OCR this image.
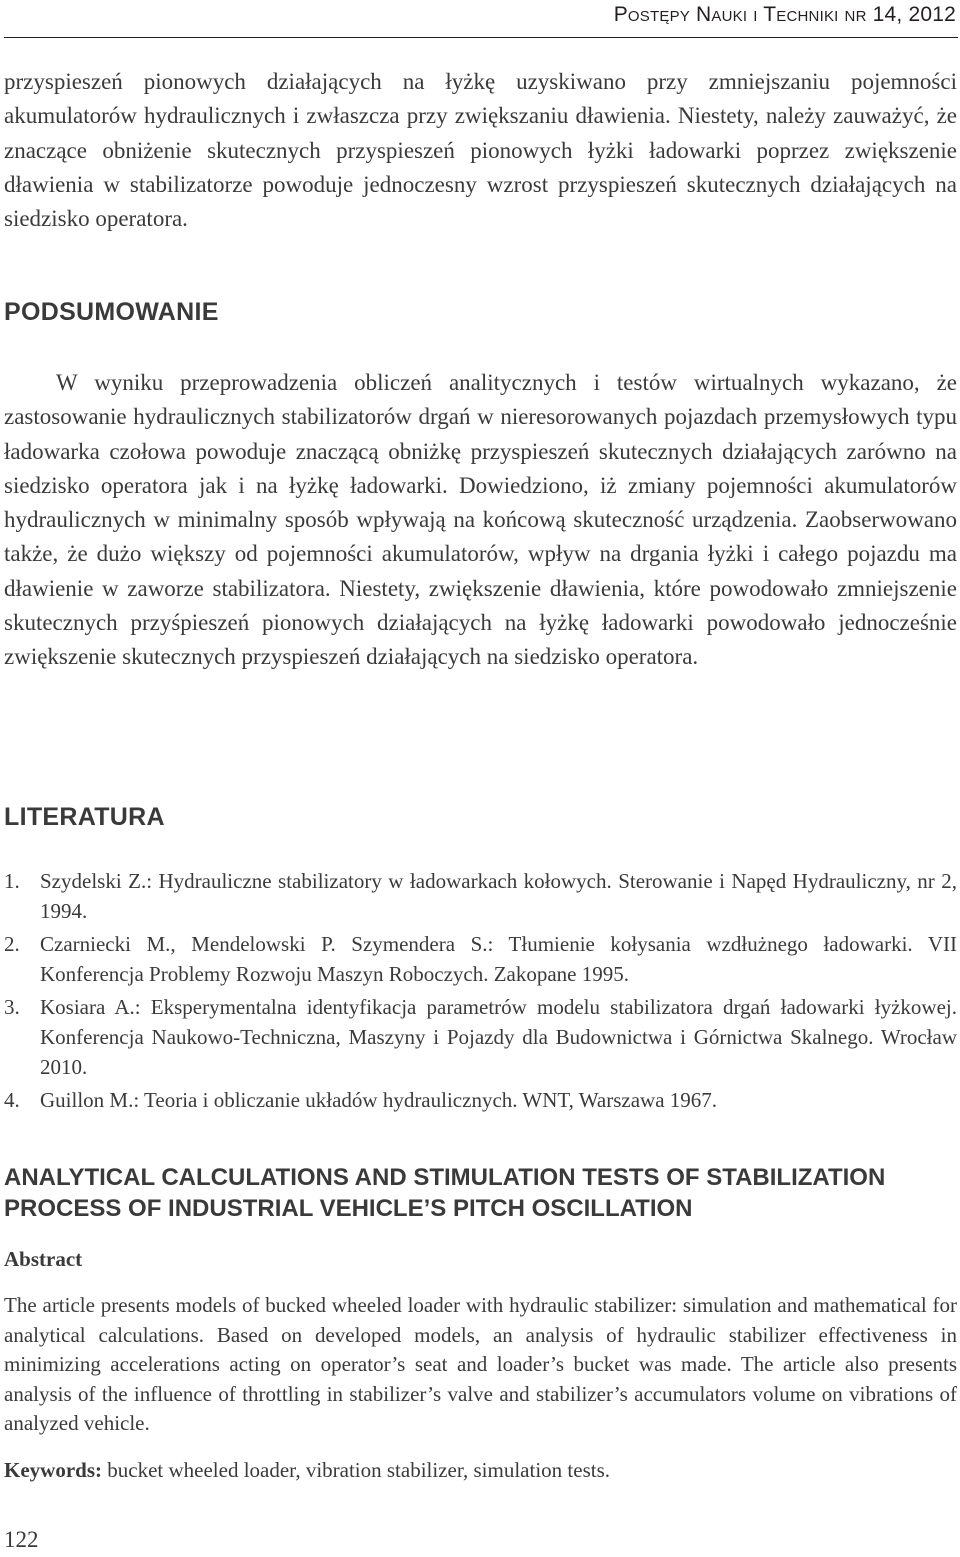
Postępy Nauki i Techniki nr 14, 2012

przyspieszeń pionowych działających na łyżkę uzyskiwano przy zmniejszaniu pojemności akumulatorów hydraulicznych i zwłaszcza przy zwiększaniu dławienia. Niestety, należy zauważyć, że znaczące obniżenie skutecznych przyspieszeń pionowych łyżki ładowarki poprzez zwiększenie dławienia w stabilizatorze powoduje jednoczesny wzrost przyspieszeń skutecznych działających na siedzisko operatora.

PODSUMOWANIE

W wyniku przeprowadzenia obliczeń analitycznych i testów wirtualnych wykazano, że zastosowanie hydraulicznych stabilizatorów drgań w nieresorowanych pojazdach przemysłowych typu ładowarka czołowa powoduje znaczącą obniżkę przyspieszeń skutecznych działających zarówno na siedzisko operatora jak i na łyżkę ładowarki. Dowiedziono, iż zmiany pojemności akumulatorów hydraulicznych w minimalny sposób wpływają na końcową skuteczność urządzenia. Zaobserwowano także, że dużo większy od pojemności akumulatorów, wpływ na drgania łyżki i całego pojazdu ma dławienie w zaworze stabilizatora. Niestety, zwiększenie dławienia, które powodowało zmniejszenie skutecznych przyśpieszeń pionowych działających na łyżkę ładowarki powodowało jednocześnie zwiększenie skutecznych przyspieszeń działających na siedzisko operatora.

LITERATURA
1. Szydelski Z.: Hydrauliczne stabilizatory w ładowarkach kołowych. Sterowanie i Napęd Hydrauliczny, nr 2, 1994.
2. Czarniecki M., Mendelowski P. Szymendera S.: Tłumienie kołysania wzdłużnego ładowarki. VII Konferencja Problemy Rozwoju Maszyn Roboczych. Zakopane 1995.
3. Kosiara A.: Eksperymentalna identyfikacja parametrów modelu stabilizatora drgań ładowarki łyżkowej. Konferencja Naukowo-Techniczna, Maszyny i Pojazdy dla Budownictwa i Górnictwa Skalnego. Wrocław 2010.
4. Guillon M.: Teoria i obliczanie układów hydraulicznych. WNT, Warszawa 1967.
ANALYTICAL CALCULATIONS AND STIMULATION TESTS OF STABILIZATION PROCESS OF INDUSTRIAL VEHICLE’S PITCH OSCILLATION
Abstract

The article presents models of bucked wheeled loader with hydraulic stabilizer: simulation and mathematical for analytical calculations. Based on developed models, an analysis of hydraulic stabilizer effectiveness in minimizing accelerations acting on operator’s seat and loader’s bucket was made. The article also presents analysis of the influence of throttling in stabilizer’s valve and stabilizer’s accumulators volume on vibrations of analyzed vehicle.

Keywords: bucket wheeled loader, vibration stabilizer, simulation tests.

122
